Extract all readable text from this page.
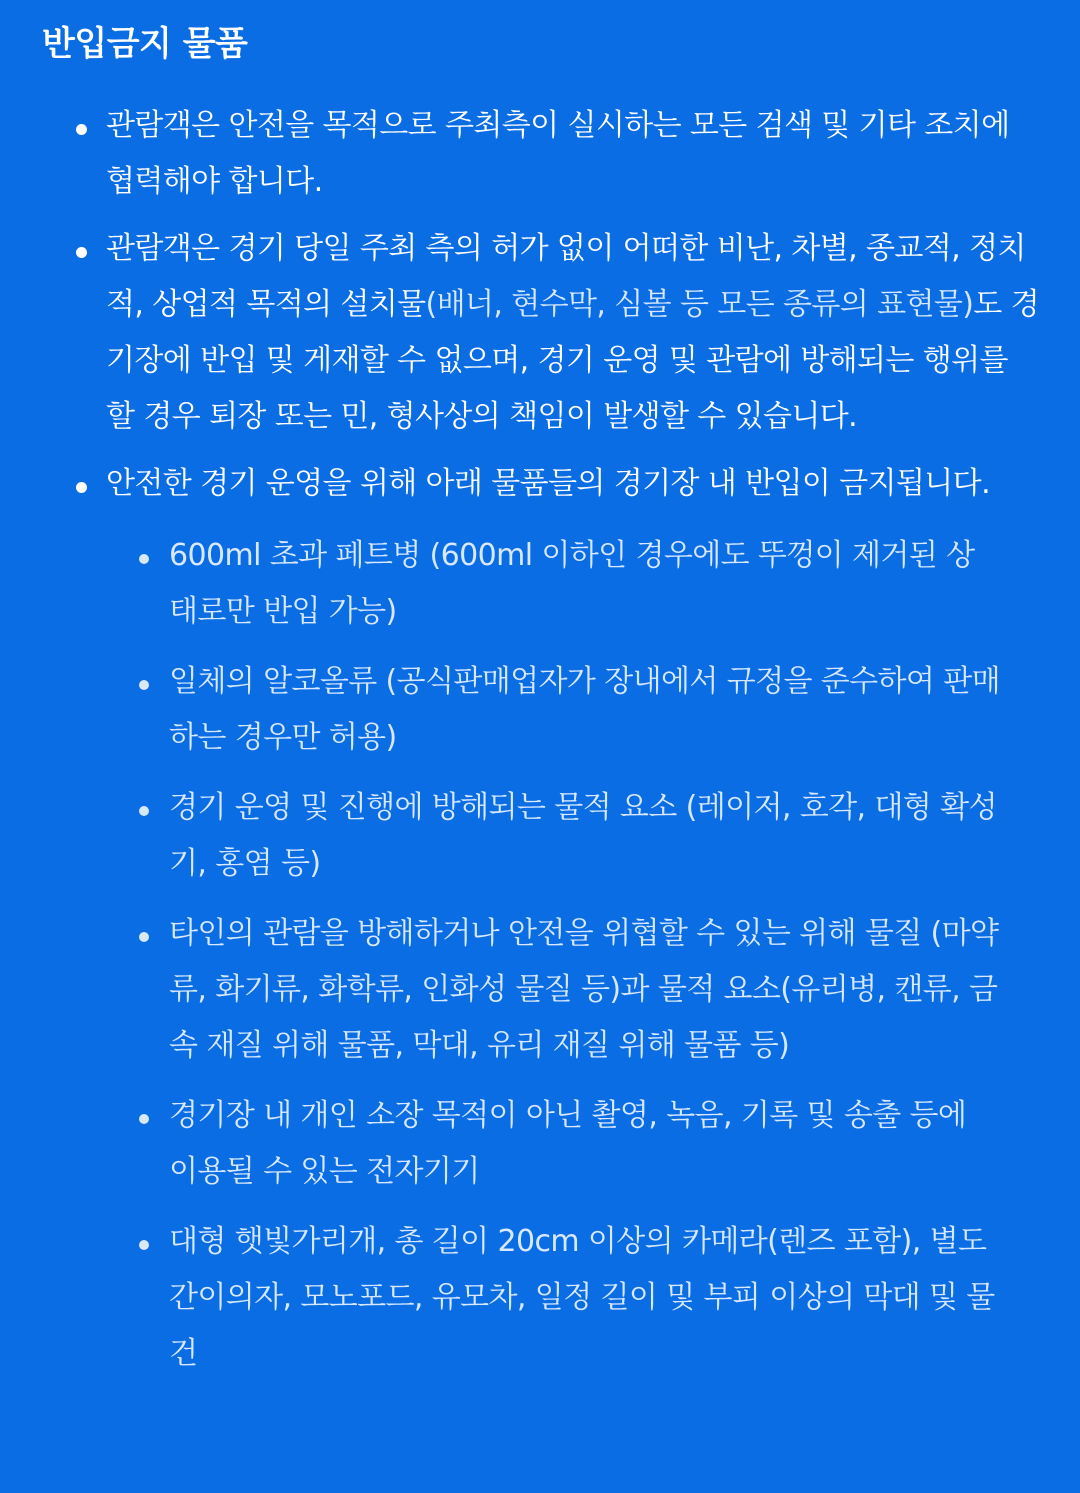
반입금지 물품
관람객은 안전을 목적으로 주최측이 실시하는 모든 검색 및 기타 조치에 협력해야 합니다.
관람객은 경기 당일 주최 측의 허가 없이 어떠한 비난, 차별, 종교적, 정치적, 상업적 목적의 설치물(배너, 현수막, 심볼 등 모든 종류의 표현물)도 경기장에 반입 및 게재할 수 없으며, 경기 운영 및 관람에 방해되는 행위를 할 경우 퇴장 또는 민, 형사상의 책임이 발생할 수 있습니다.
안전한 경기 운영을 위해 아래 물품들의 경기장 내 반입이 금지됩니다.
600ml 초과 페트병 (600ml 이하인 경우에도 뚜껑이 제거된 상태로만 반입 가능)
일체의 알코올류 (공식판매업자가 장내에서 규정을 준수하여 판매하는 경우만 허용)
경기 운영 및 진행에 방해되는 물적 요소 (레이저, 호각, 대형 확성기, 홍염 등)
타인의 관람을 방해하거나 안전을 위협할 수 있는 위해 물질 (마약류, 화기류, 화학류, 인화성 물질 등)과 물적 요소(유리병, 캔류, 금속 재질 위해 물품, 막대, 유리 재질 위해 물품 등)
경기장 내 개인 소장 목적이 아닌 촬영, 녹음, 기록 및 송출 등에 이용될 수 있는 전자기기
대형 햇빛가리개, 총 길이 20cm 이상의 카메라(렌즈 포함), 별도 간이의자, 모노포드, 유모차, 일정 길이 및 부피 이상의 막대 및 물건
